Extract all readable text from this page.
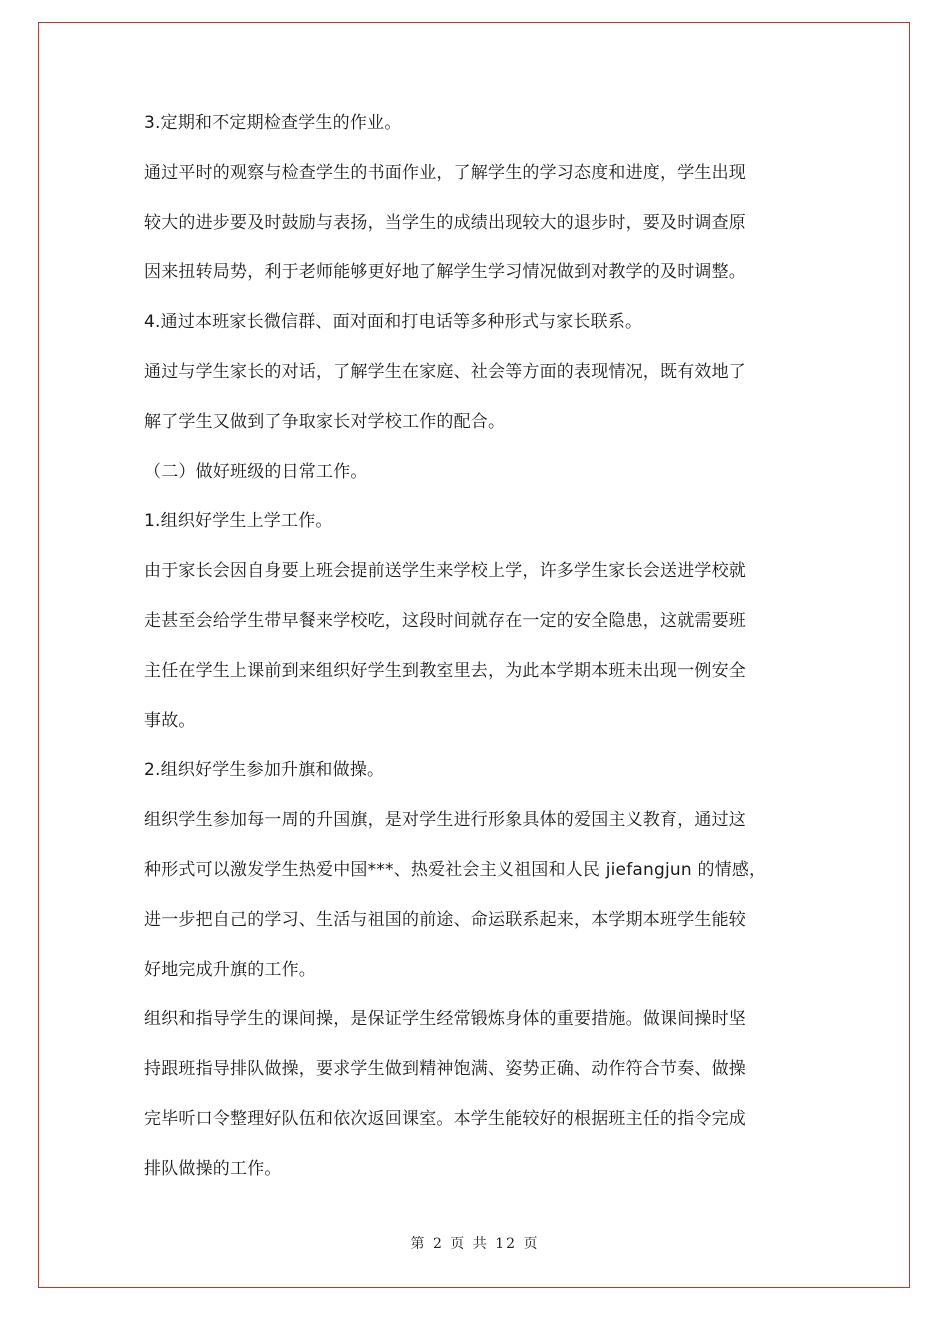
3.定期和不定期检查学生的作业。
通过平时的观察与检查学生的书面作业，了解学生的学习态度和进度，学生出现
较大的进步要及时鼓励与表扬，当学生的成绩出现较大的退步时，要及时调查原
因来扭转局势，利于老师能够更好地了解学生学习情况做到对教学的及时调整。
4.通过本班家长微信群、面对面和打电话等多种形式与家长联系。
通过与学生家长的对话，了解学生在家庭、社会等方面的表现情况，既有效地了
解了学生又做到了争取家长对学校工作的配合。
（二）做好班级的日常工作。
1.组织好学生上学工作。
由于家长会因自身要上班会提前送学生来学校上学，许多学生家长会送进学校就
走甚至会给学生带早餐来学校吃，这段时间就存在一定的安全隐患，这就需要班
主任在学生上课前到来组织好学生到教室里去，为此本学期本班未出现一例安全
事故。
2.组织好学生参加升旗和做操。
组织学生参加每一周的升国旗，是对学生进行形象具体的爱国主义教育，通过这
种形式可以激发学生热爱中国***、热爱社会主义祖国和人民 jiefangjun 的情感，
进一步把自己的学习、生活与祖国的前途、命运联系起来，本学期本班学生能较
好地完成升旗的工作。
组织和指导学生的课间操，是保证学生经常锻炼身体的重要措施。做课间操时坚
持跟班指导排队做操，要求学生做到精神饱满、姿势正确、动作符合节奏、做操
完毕听口令整理好队伍和依次返回课室。本学生能较好的根据班主任的指令完成
排队做操的工作。
第 2 页 共 12 页
